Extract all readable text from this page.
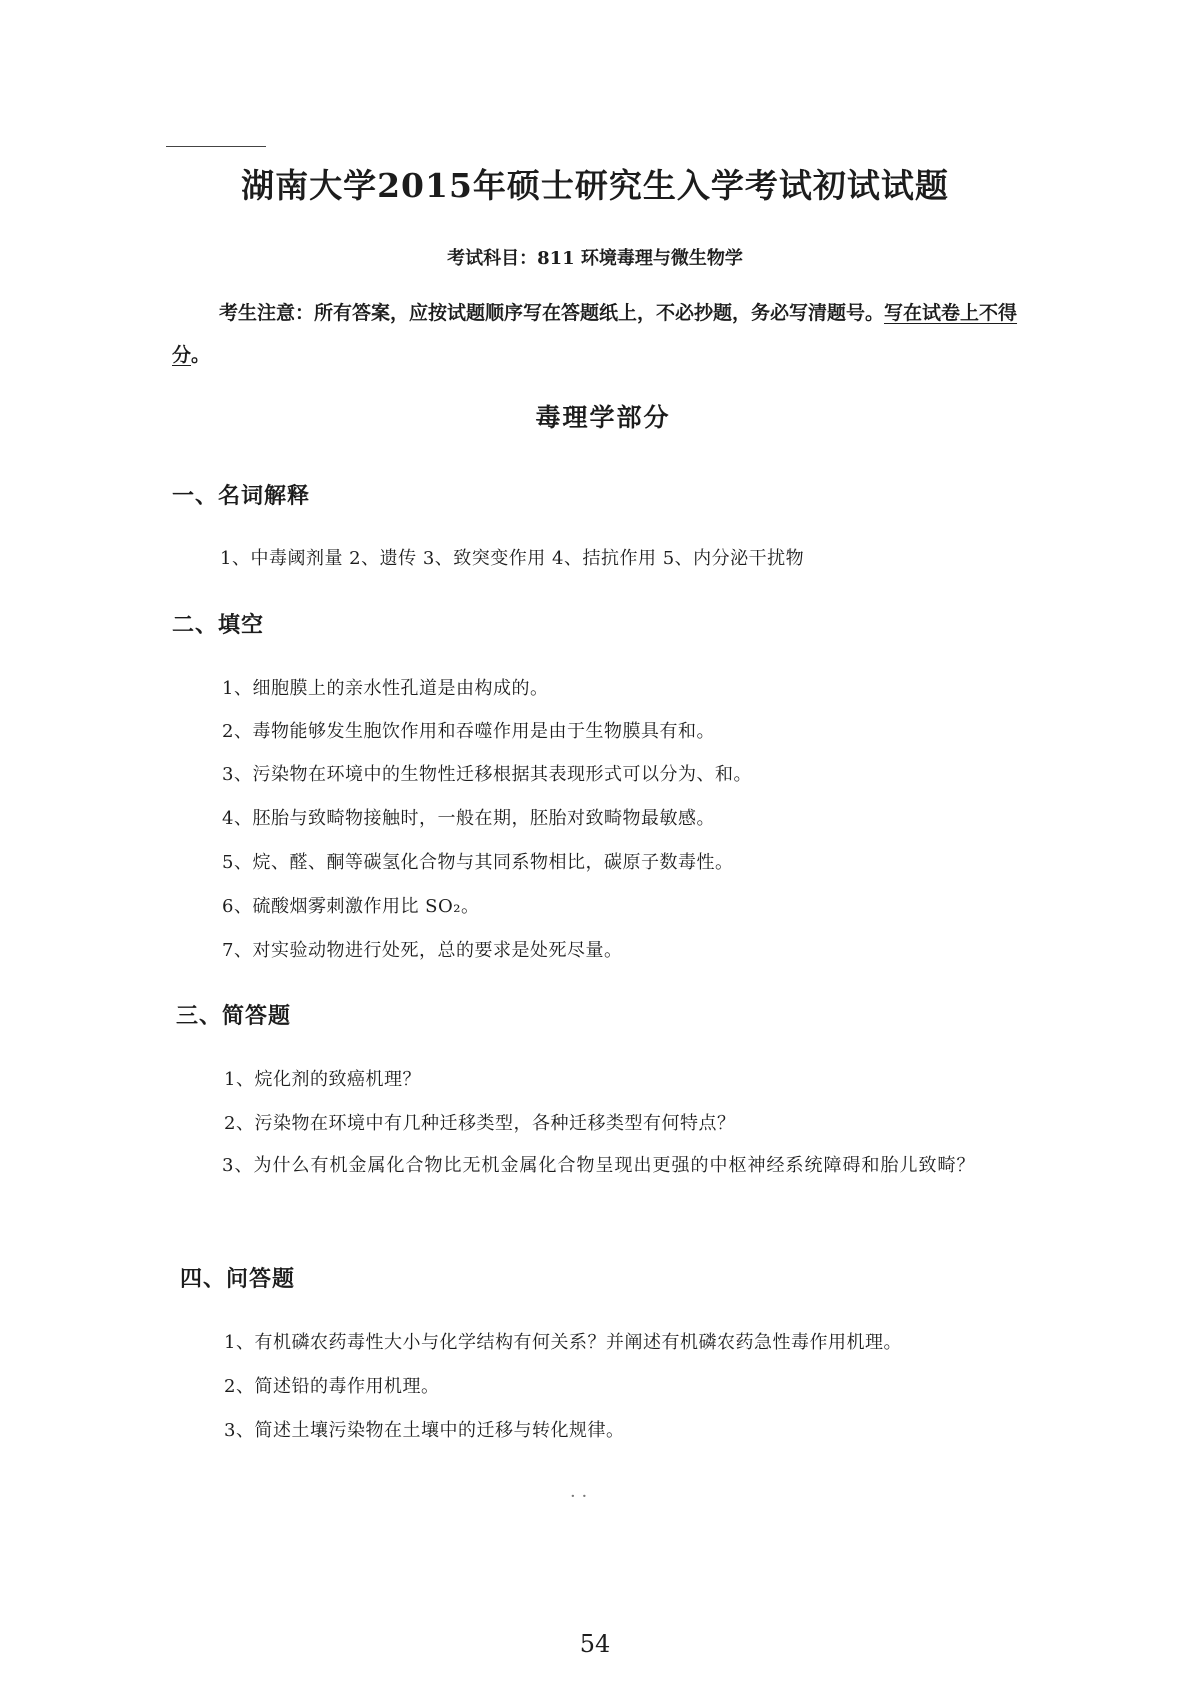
湖南大学2015年硕士研究生入学考试初试试题
考试科目：811 环境毒理与微生物学
考生注意：所有答案，应按试题顺序写在答题纸上，不必抄题，务必写清题号。写在试卷上不得分。
毒理学部分
一、名词解释
1、中毒阈剂量 2、遗传 3、致突变作用 4、拮抗作用 5、内分泌干扰物
二、填空
1、细胞膜上的亲水性孔道是由构成的。
2、毒物能够发生胞饮作用和吞噬作用是由于生物膜具有和。
3、污染物在环境中的生物性迁移根据其表现形式可以分为、和。
4、胚胎与致畸物接触时，一般在期，胚胎对致畸物最敏感。
5、烷、醛、酮等碳氢化合物与其同系物相比，碳原子数毒性。
6、硫酸烟雾刺激作用比 SO₂。
7、对实验动物进行处死，总的要求是处死尽量。
三、简答题
1、烷化剂的致癌机理？
2、污染物在环境中有几种迁移类型，各种迁移类型有何特点？
3、为什么有机金属化合物比无机金属化合物呈现出更强的中枢神经系统障碍和胎儿致畸？
四、问答题
1、有机磷农药毒性大小与化学结构有何关系？并阐述有机磷农药急性毒作用机理。
2、简述铅的毒作用机理。
3、简述土壤污染物在土壤中的迁移与转化规律。
· ·
54
